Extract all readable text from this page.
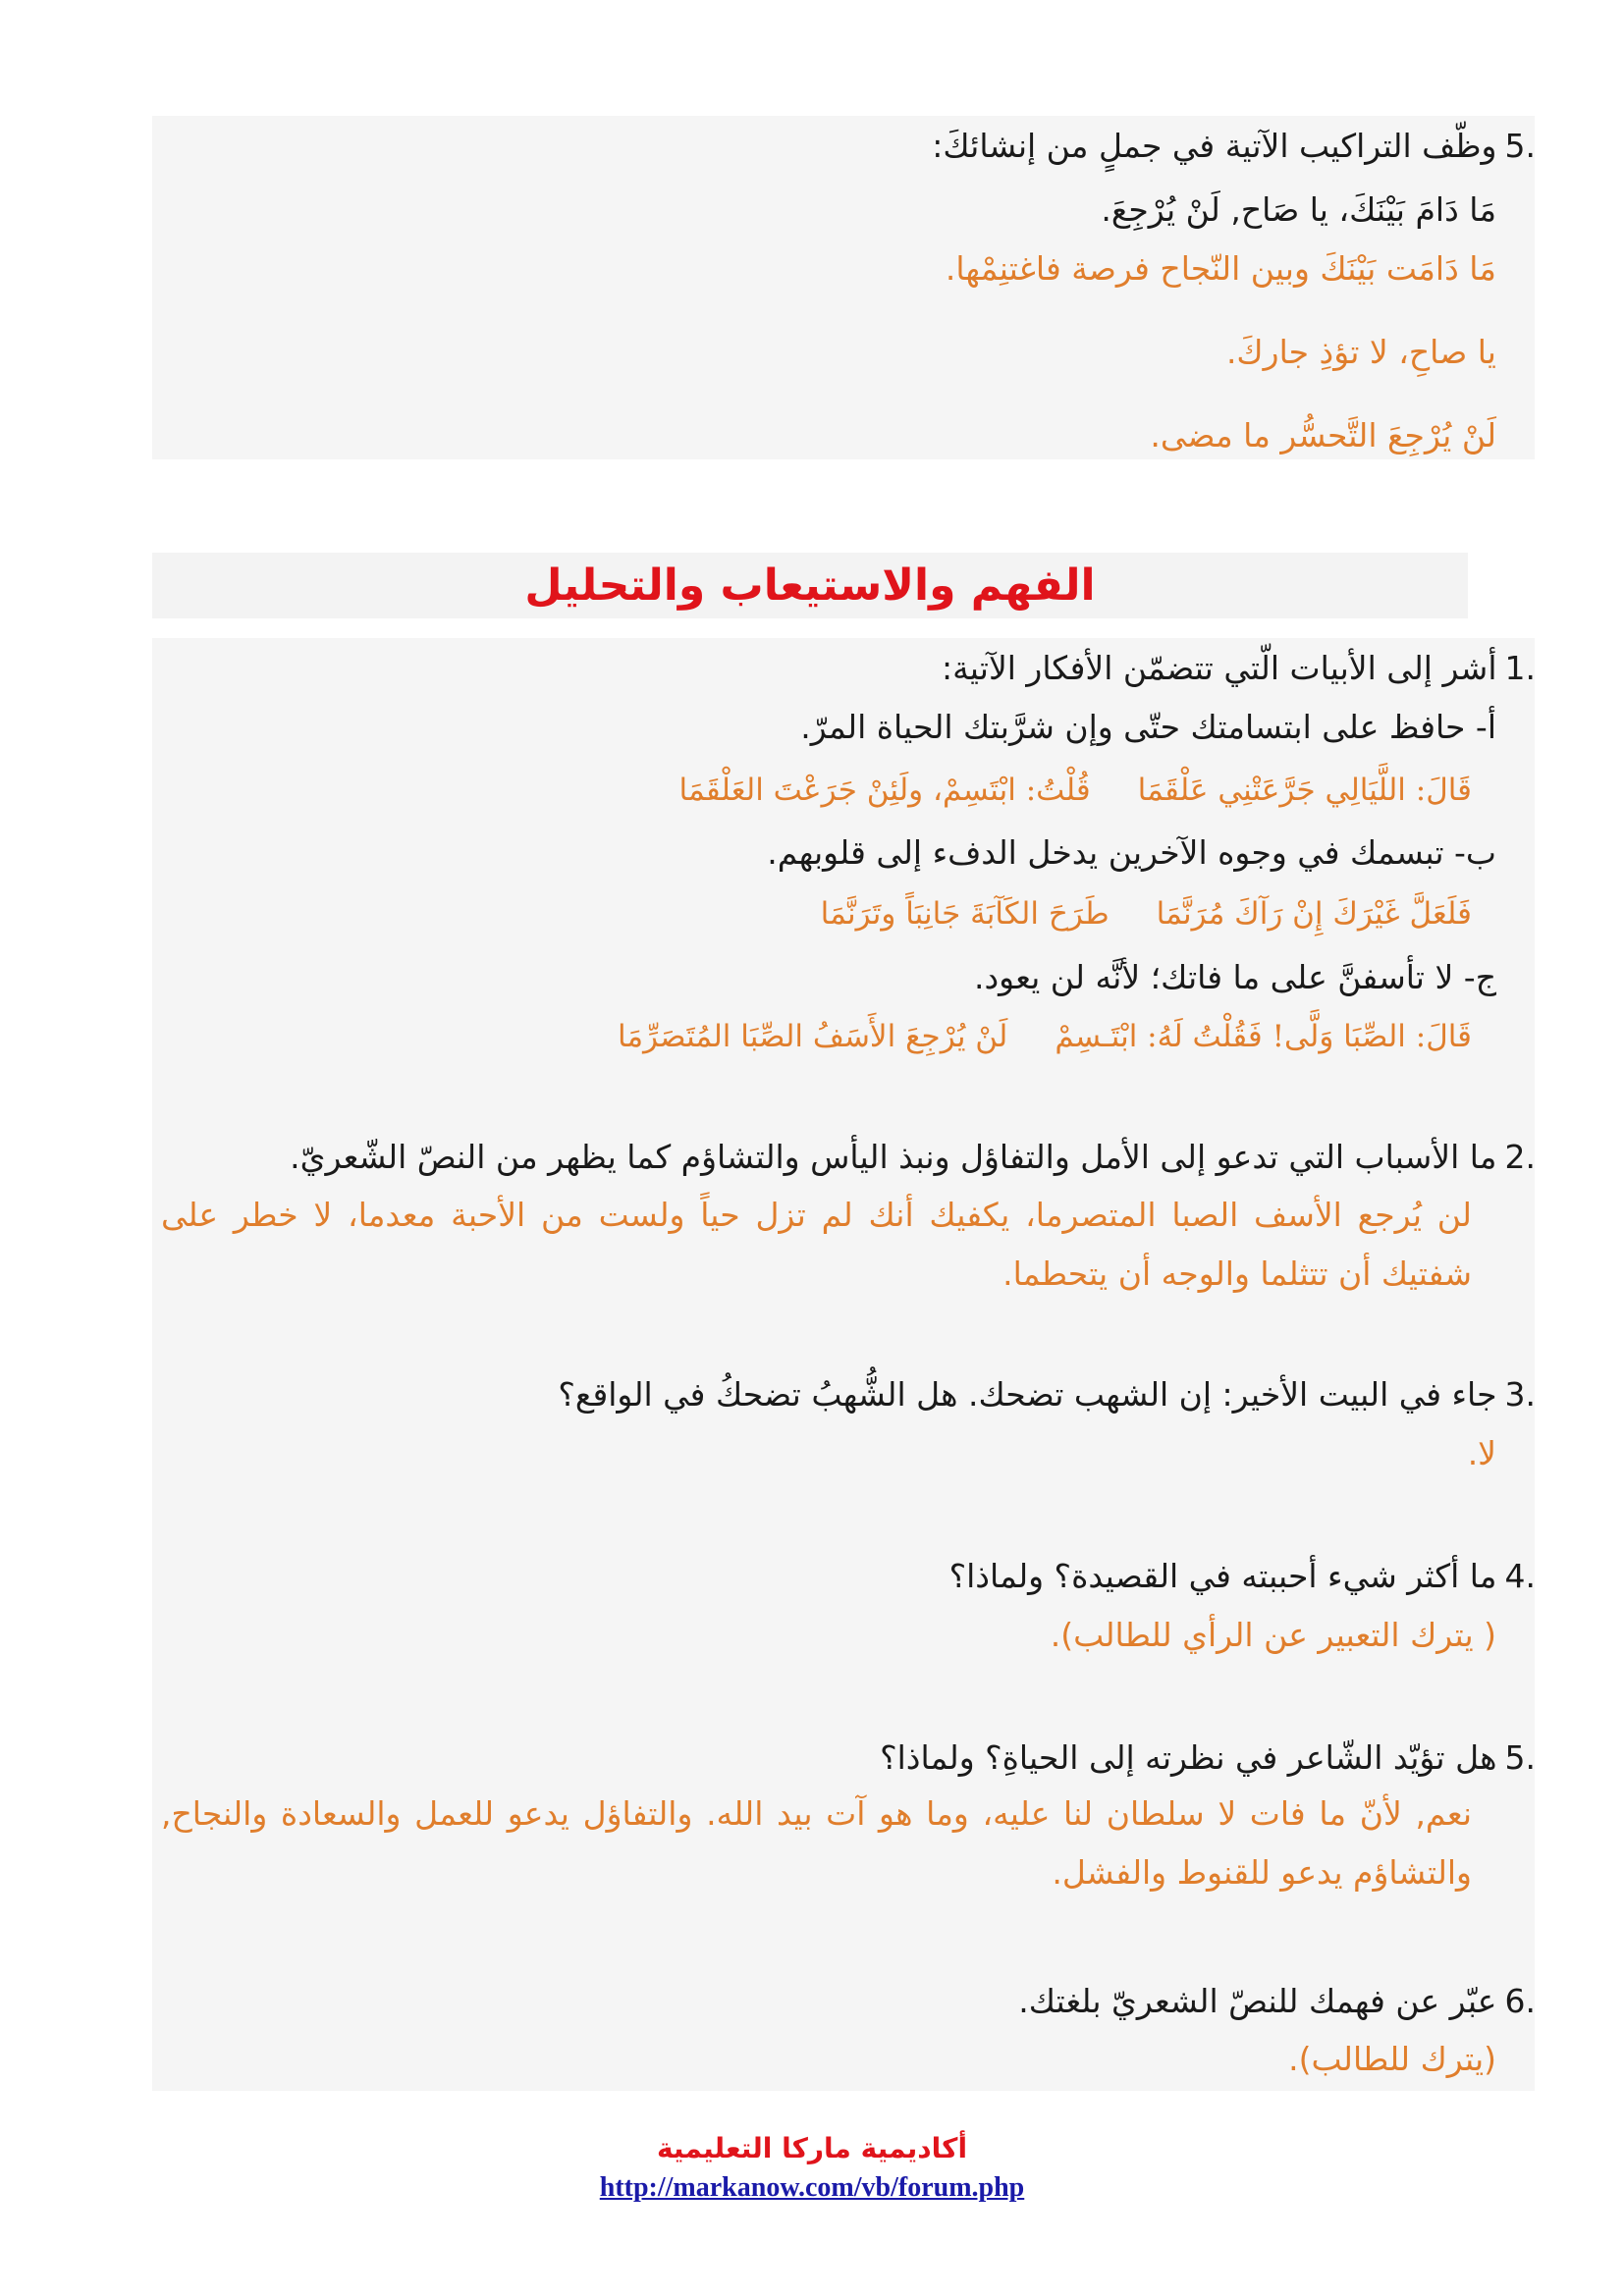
.5وظّف التراكيب الآتية في جملٍ من إنشائكَ:
مَا دَامَ بَيْنَكَ، يا صَاح, لَنْ يُرْجِعَ.
مَا دَامَت بَيْنَكَ وبين النّجاح فرصة فاغتنِمْها.
يا صاحِ، لا تؤذِ جاركَ.
لَنْ يُرْجِعَ التَّحسُّر ما مضى.
الفهم والاستيعاب والتحليل
.1أشر إلى الأبيات الّتي تتضمّن الأفكار الآتية:
أ- حافظ على ابتسامتك حتّى وإن شرَّبتك الحياة المرّ.
قَالَ: اللَّيَالِي جَرَّعَتْنِي عَلْقَمَاقُلْتُ: ابْتَسِمْ، ولَئِنْ جَرَعْتَ العَلْقَمَا
ب- تبسمك في وجوه الآخرين يدخل الدفء إلى قلوبهم.
فَلَعَلَّ غَيْرَكَ إِنْ رَآكَ مُرَنَّمَاطَرَحَ الكَآبَةَ جَانِبَاً وتَرَنَّمَا
ج- لا تأسفنَّ على ما فاتك؛ لأنَّه لن يعود.
قَالَ: الصِّبَا وَلَّى! فَقُلْتُ لَهُ: ابْتَـسِمْلَنْ يُرْجِعَ الأَسَفُ الصِّبَا المُتَصَرِّمَا
.2ما الأسباب التي تدعو إلى الأمل والتفاؤل ونبذ اليأس والتشاؤم كما يظهر من النصّ الشّعريّ.
لن يُرجع الأسف الصبا المتصرما، يكفيك أنك لم تزل حياً ولست من الأحبة معدما، لا خطر على شفتيك أن تتثلما والوجه أن يتحطما.
.3جاء في البيت الأخير: إن الشهب تضحك. هل الشُّهبُ تضحكُ في الواقع؟
لا.
.4ما أكثر شيء أحببته في القصيدة؟ ولماذا؟
( يترك التعبير عن الرأي للطالب).
.5هل تؤيّد الشّاعر في نظرته إلى الحياةِ؟ ولماذا؟
نعم, لأنّ ما فات لا سلطان لنا عليه، وما هو آت بيد الله. والتفاؤل يدعو للعمل والسعادة والنجاح, والتشاؤم يدعو للقنوط والفشل.
.6عبّر عن فهمك للنصّ الشعريّ بلغتك.
(يترك للطالب).
أكاديمية ماركا التعليمية
http://markanow.com/vb/forum.php
